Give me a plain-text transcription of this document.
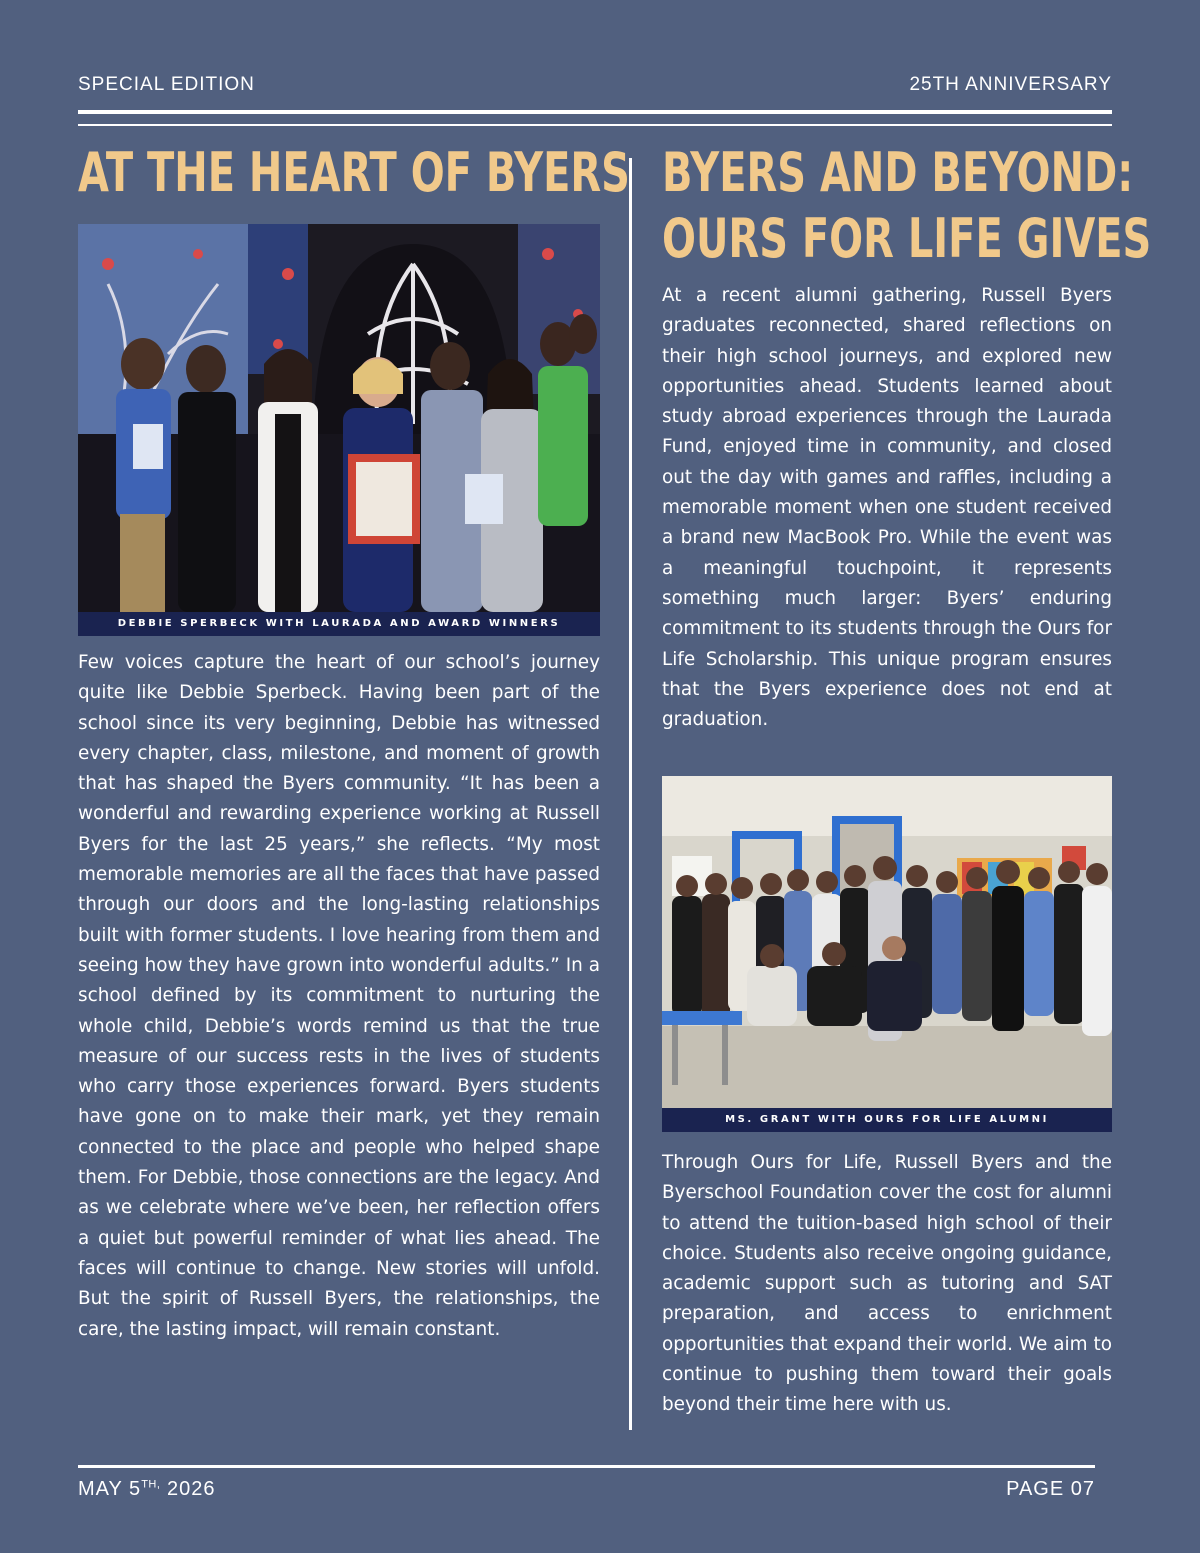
SPECIAL EDITION	25TH ANNIVERSARY
AT THE HEART OF BYERS
DEBBIE SPERBECK WITH LAURADA AND AWARD WINNERS

Few voices capture the heart of our school’s journey quite like Debbie Sperbeck. Having been part of the school since its very beginning, Debbie has witnessed every chapter, class, milestone, and moment of growth that has shaped the Byers community. “It has been a wonderful and rewarding experience working at Russell Byers for the last 25 years,” she reflects. “My most memorable memories are all the faces that have passed through our doors and the long-lasting relationships built with former students. I love hearing from them and seeing how they have grown into wonderful adults.” In a school defined by its commitment to nurturing the whole child, Debbie’s words remind us that the true measure of our success rests in the lives of students who carry those experiences forward. Byers students have gone on to make their mark, yet they remain connected to the place and people who helped shape them. For Debbie, those connections are the legacy. And as we celebrate where we’ve been, her reflection offers a quiet but powerful reminder of what lies ahead. The faces will continue to change. New stories will unfold. But the spirit of Russell Byers, the relationships, the care, the lasting impact, will remain constant.

BYERS AND BEYOND:
OURS FOR LIFE GIVES

At a recent alumni gathering, Russell Byers graduates reconnected, shared reflections on their high school journeys, and explored new opportunities ahead. Students learned about study abroad experiences through the Laurada Fund, enjoyed time in community, and closed out the day with games and raffles, including a memorable moment when one student received a brand new MacBook Pro. While the event was a meaningful touchpoint, it represents something much larger: Byers’ enduring commitment to its students through the Ours for Life Scholarship. This unique program ensures that the Byers experience does not end at graduation.

MS. GRANT WITH OURS FOR LIFE ALUMNI

Through Ours for Life, Russell Byers and the Byerschool Foundation cover the cost for alumni to attend the tuition-based high school of their choice. Students also receive ongoing guidance, academic support such as tutoring and SAT preparation, and access to enrichment opportunities that expand their world. We aim to continue to pushing them toward their goals beyond their time here with us.

MAY $5^{TH,}$ 2026	PAGE 07
